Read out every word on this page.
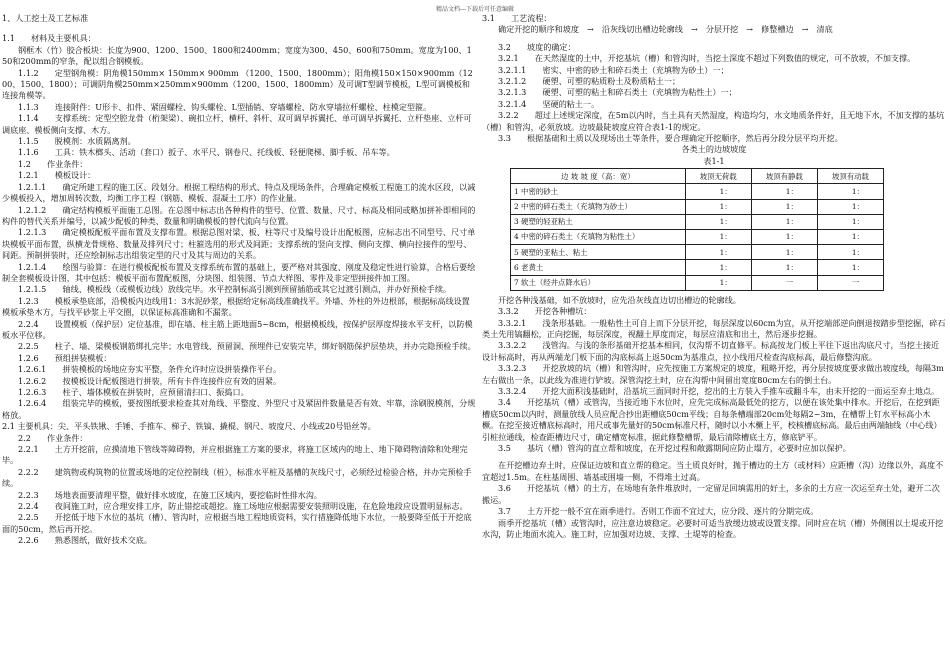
精品文档---下载后可任意编辑

1、人工挖土及工艺标准

1.1　　材料及主要机具：

钢框木（竹）胶合板块：长度为900、1200、1500、1800和2400mm；宽度为300、450、600和750mm。宽度为100、150和200mm的窄条，配以组合钢模板。

1.1.2　　定型钢角模：阴角模150mm× 150mm× 900mm （1200、1500、1800mm）；阳角模150×150×900mm（1200、1500、1800）；可调阴角模250mm×250mm×900mm（1200、1500、1800mm）及可调T型调节模板，L型可调模板和连接角模等。

1.1.3　　连接附件：U形卡、扣件、紧固螺栓、钩头螺栓、L型插销、穿墙螺栓、防水穿墙拉杆螺栓、柱模定型箍。

1.1.4　　支撑系统：定型空腔龙骨（桁架梁）、碗扣立杆、横杆、斜杆、双可调早拆翼托、单可调早拆翼托、立杆垫座、立杆可调底座、模板侧向支撑、木方。

1.1.5　　脱模剂：水质隔离剂。

1.1.6　　工具：铁木榔头、活动（套口）扳子、水平尺、钢卷尺、托线板、轻便爬梯、脚手板、吊车等。

1.2　　作业条件：

1.2.1　　模板设计：

1.2.1.1　　确定所建工程的施工区、段划分。根据工程结构的形式、特点及现场条件，合理确定模板工程施工的流水区段，以减少模板投入，增加周转次数，均衡工序工程（钢筋、模板、混凝土工序）的作业量。

1.2.1.2　　确定结构模板平面施工总图。在总图中标志出各种构件的型号、位置、数量、尺寸、标高及相同或略加拼补即相同的构件的替代关系并编号，以减少配板的种类、数量和明确模板的替代流向与位置。

1.2.1.3　　确定模板配板平面布置及支撑布置。根据总图对梁、板、柱等尺寸及编号设计出配板图，应标志出不同型号、尺寸单块模板平面布置，纵横龙骨规格、数量及排列尺寸；柱箍选用的形式及间距；支撑系统的竖向支撑、侧向支撑、横向拉接件的型号、间距。预制拼装时，还应绘制标志出组装定型的尺寸及其与周边的关系。

1.2.1.4　　绘图与验算：在进行模板配板布置及支撑系统布置的基础上，要严格对其强度、刚度及稳定性进行验算，合格后要绘制全套模板设计图，其中包括：模板平面布置配板图，分块图、组装图、节点大样图、零件及非定型拼接件加工图。

1.2.1.5　　轴线、模板线（或模板边线）放线完毕。水平控制标高引测到预留插筋或其它过渡引测点，并办好预检手续。

1.2.3　　模板承垫底部，沿模板内边线用1：3水泥砂浆，根据给定标高线准确找平。外墙、外柱的外边根部，根据标高线设置模板承垫木方，与找平砂浆上平交圈，以保证标高准确和不漏浆。

2.2.4　　设置模板（保护层）定位基准，即在墙、柱主筋上距地面5~8cm，根据模板线，按保护层厚度焊接水平支杆，以防模板水平位移。

2.2.5　　柱子、墙、梁模板钢筋绑扎完毕；水电管线、预留洞、预埋件已安装完毕，绑好钢筋保护层垫块，并办完隐预检手续。

1.2.6　　预组拼装模板：

1.2.6.1　　拼装模板的场地应夯实平整，条件允许时应设拼装操作平台。

1.2.6.2　　按模板设计配板图进行拼装，所有卡件连接件应有效的固紧。

1.2.6.3　　柱子、墙体模板在拼装时，应预留清扫口、振捣口。

1.2.6.4　　组装完毕的模板，要按图纸要求检查其对角线、平整度、外型尺寸及紧固件数量是否有效、牢靠，涂刷脱模剂，分规格放。

2.1 主要机具：尖、平头铁锹、手锤、手推车、梯子、铁镐、撬棍、钢尺、坡度尺、小线或20号铅丝等。

2.2　　作业条件：

2.2.1　　土方开挖前，应摸清地下管线等障碍物，并应根据施工方案的要求，将施工区域内的地上、地下障碍物清除和处理完毕。

2.2.2　　建筑物或构筑物的位置或场地的定位控制线（桩），标准水平桩及基槽的灰线尺寸，必须经过检验合格，并办完预检手续。

2.2.3　　场地表面要清理平整，做好排水坡度，在施工区域内，要挖临时性排水沟。

2.2.4　　夜间施工时，应合理安排工序，防止错挖或超挖。施工场地应根据需要安装照明设施，在危险地段应设置明显标志。

2.2.5　　开挖低于地下水位的基坑（槽）、管沟时，应根据当地工程地质资料，实行措施降低地下水位，一般要降至低于开挖底面的50cm，然后再开挖。

2.2.6　　熟悉图纸，做好技术交底。

3.1　　工艺流程：

确定开挖的顺序和坡度　→　沿灰线切出槽边轮廓线　→　分层开挖　→　修整槽边　→　清底

3.2　　坡度的确定：

3.2.1　　在天然湿度的土中，开挖基坑（槽）和管沟时，当挖土深度不超过下列数值的规定，可不放坡，不加支撑。

3.2.1.1　　密实、中密的砂土和碎石类土（充填物为砂土）一；

3.2.1.2　　硬塑、可塑的粘质粉土及粉质粘土一；

3.2.1.3　　硬塑、可塑的粘土和碎石类土（充填物为粘性土）一；

3.2.1.4　　坚硬的粘土一。

3.2.2　　超过上述规定深度，在5m以内时，当土具有天然湿度，构造均匀，水文地质条件好，且无地下水，不加支撑的基坑（槽）和管沟，必须放坡。边坡最陡坡度应符合表1-1的规定。

3.3　　根据基础和土质以及现场出土等条件，要合理确定开挖顺序，然后再分段分层平均开挖。

各类土的边坡坡度

表1-1

边 坡 坡 度（高：宽）	坡顶无荷载	坡顶有静载	坡顶有动载
1 中密的砂土	1：	1：	1：
2 中密的碎石类土（充填物为砂土）	1：	1：	1：
3 硬塑的轻亚粘土	1：	1：	1：
4 中密的碎石类土（充填物为粘性土）	1：	1：	1：
5 硬塑的亚粘土、粘土	1：	1：	1：
6 老黄土	1：	1：	1：
7 软土（经井点降水后）	1：	一	一

开挖各种浅基础，如不放坡时，应先沿灰线直边切出槽边的轮廓线。

3.3.2　　开挖各种槽坑：

3.3.2.1　　浅条形基础。一般粘性土可自上而下分层开挖，每层深度以60cm为宜，从开挖端部逆向倒退按踏步型挖掘，碎石类土先用镐翻松，正向挖掘，每层深度，视翻土厚度而定，每层应清底和出土，然后逐步挖掘。

3.3.2.2　　浅管沟。与浅的条形基础开挖基本相同，仅沟帮不切直修平。标高按龙门板上平往下返出沟底尺寸，当挖土接近设计标高时，再从两端龙门板下面的沟底标高上返50cm为基准点，拉小线用尺检查沟底标高，最后修整沟底。

3.3.2.3　　开挖放坡的坑（槽）和管沟时，应先按施工方案规定的坡度，粗略开挖，再分层按坡度要求做出坡度线，每隔3m左右做出一条，以此线为准进行铲坡。深管沟挖土时，应在沟帮中间留出宽度80cm左右的倒土台。

3.3.2.4　　开挖大面积浅基础时，沿基坑三面同时开挖，挖出的土方装入手推车或翻斗车，由未开挖的一面运至弃土地点。

3.4　　开挖基坑（槽）或管沟，当接近地下水位时，应先完成标高最低处的挖方，以便在该处集中排水。开挖后，在挖到距槽底50cm以内时，测量放线人员应配合抄出距槽底50cm平线；自每条槽端部20cm处每隔2~3m，在槽帮上钉水平标高小木橛。在挖至接近槽底标高时，用尺或事先量好的50cm标准尺杆，随时以小木橛上平，校核槽底标高。最后由两端轴线（中心线）引桩拉通线，检查距槽边尺寸，确定槽宽标准，据此修整槽帮，最后清除槽底土方，修底铲平。

3.5　　基坑（槽）管沟的直立帮和坡度，在开挖过程和敞露期间应防止塌方，必要时应加以保护。

在开挖槽边弃土时，应保证边坡和直立帮的稳定。当土质良好时，抛于槽边的土方（或材料）应距槽（沟）边缘以外，高度不宜超过1.5m。在柱基周围、墙基或围墙一侧，不得堆土过高。

3.6　　开挖基坑（槽）的土方，在场地有条件堆放时，一定留足回填需用的好土，多余的土方应一次运至弃土处，避开二次搬运。

3.7　　土方开挖一般不宜在雨季进行。否则工作面不宜过大，应分段、逐片的分期完成。

雨季开挖基坑（槽）或管沟时，应注意边坡稳定。必要时可适当放缓边坡或设置支撑。同时应在坑（槽）外侧围以土堤或开挖水沟，防止地面水流入。施工时，应加强对边坡、支撑、土堤等的检查。
